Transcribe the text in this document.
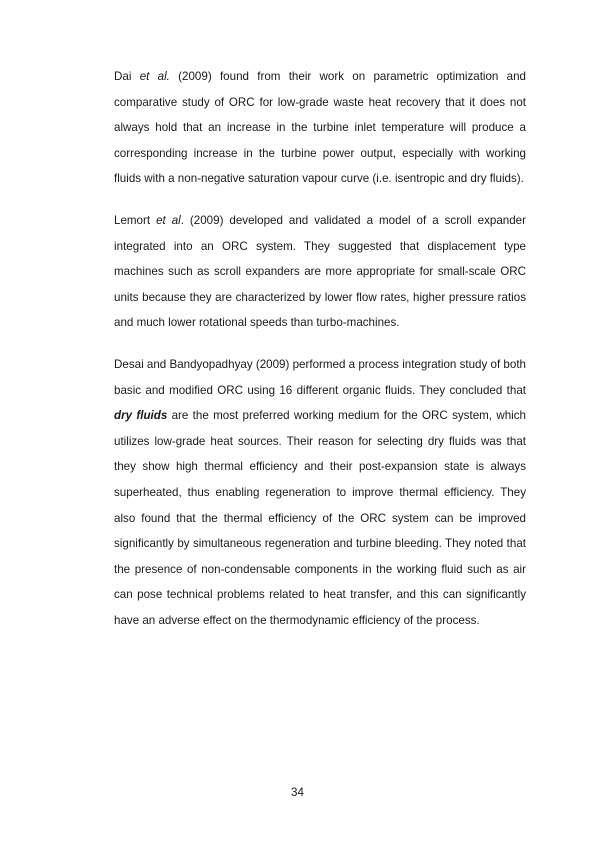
Dai et al. (2009) found from their work on parametric optimization and comparative study of ORC for low-grade waste heat recovery that it does not always hold that an increase in the turbine inlet temperature will produce a corresponding increase in the turbine power output, especially with working fluids with a non-negative saturation vapour curve (i.e. isentropic and dry fluids).

Lemort et al. (2009) developed and validated a model of a scroll expander integrated into an ORC system. They suggested that displacement type machines such as scroll expanders are more appropriate for small-scale ORC units because they are characterized by lower flow rates, higher pressure ratios and much lower rotational speeds than turbo-machines.

Desai and Bandyopadhyay (2009) performed a process integration study of both basic and modified ORC using 16 different organic fluids. They concluded that dry fluids are the most preferred working medium for the ORC system, which utilizes low-grade heat sources. Their reason for selecting dry fluids was that they show high thermal efficiency and their post-expansion state is always superheated, thus enabling regeneration to improve thermal efficiency. They also found that the thermal efficiency of the ORC system can be improved significantly by simultaneous regeneration and turbine bleeding. They noted that the presence of non-condensable components in the working fluid such as air can pose technical problems related to heat transfer, and this can significantly have an adverse effect on the thermodynamic efficiency of the process.

34
